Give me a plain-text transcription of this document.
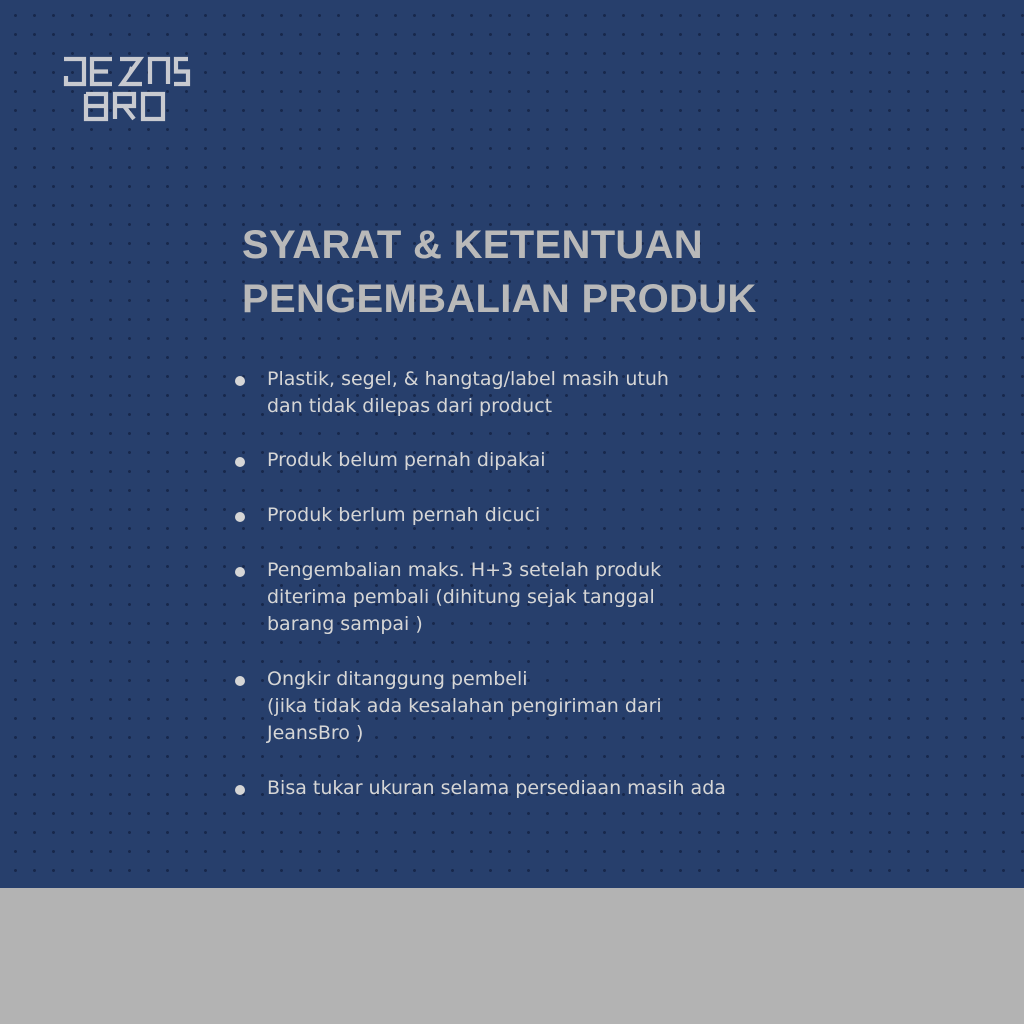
SYARAT & KETENTUAN
PENGEMBALIAN PRODUK
Plastik, segel, & hangtag/label masih utuh
dan tidak dilepas dari product
Produk belum pernah dipakai
Produk berlum pernah dicuci
Pengembalian maks. H+3 setelah produk
diterima pembali (dihitung sejak tanggal
barang sampai )
Ongkir ditanggung pembeli
(jika tidak ada kesalahan pengiriman dari
JeansBro )
Bisa tukar ukuran selama persediaan masih ada
